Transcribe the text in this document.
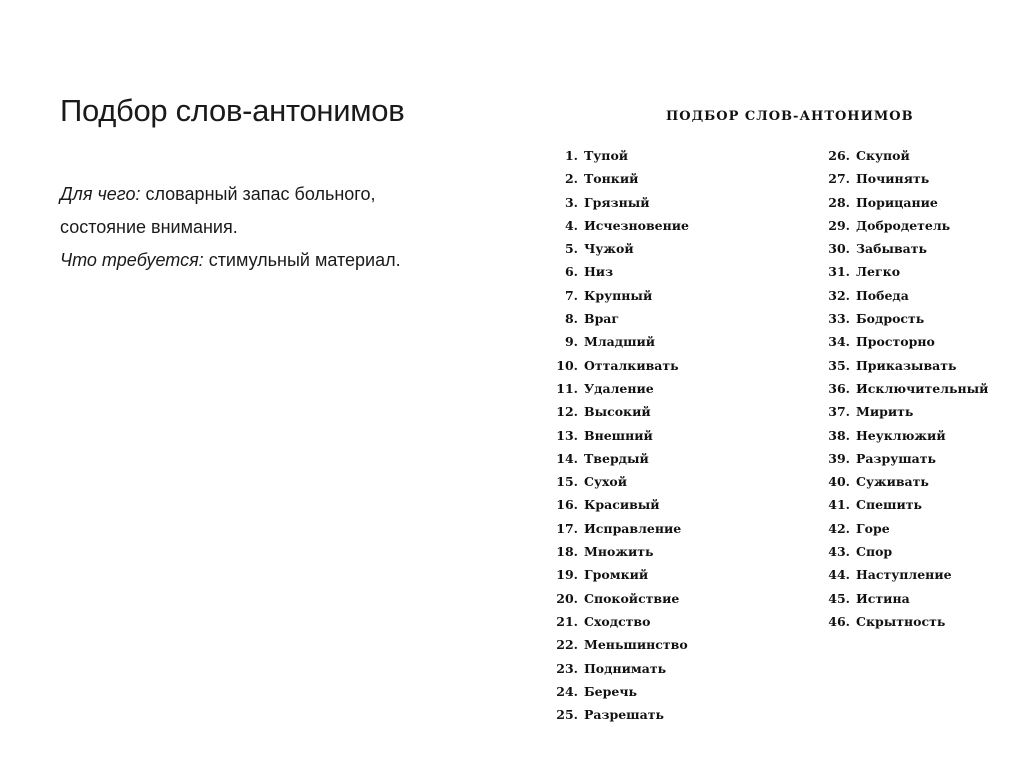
Подбор слов-антонимов

Для чего: словарный запас больного,

состояние внимания.

Что требуется: стимульный материал.

ПОДБОР СЛОВ-АНТОНИМОВ
1. Тупой
2. Тонкий
3. Грязный
4. Исчезновение
5. Чужой
6. Низ
7. Крупный
8. Враг
9. Младший
10. Отталкивать
11. Удаление
12. Высокий
13. Внешний
14. Твердый
15. Сухой
16. Красивый
17. Исправление
18. Множить
19. Громкий
20. Спокойствие
21. Сходство
22. Меньшинство
23. Поднимать
24. Беречь
25. Разрешать
26. Скупой
27. Починять
28. Порицание
29. Добродетель
30. Забывать
31. Легко
32. Победа
33. Бодрость
34. Просторно
35. Приказывать
36. Исключительный
37. Мирить
38. Неуклюжий
39. Разрушать
40. Суживать
41. Спешить
42. Горе
43. Спор
44. Наступление
45. Истина
46. Скрытность
